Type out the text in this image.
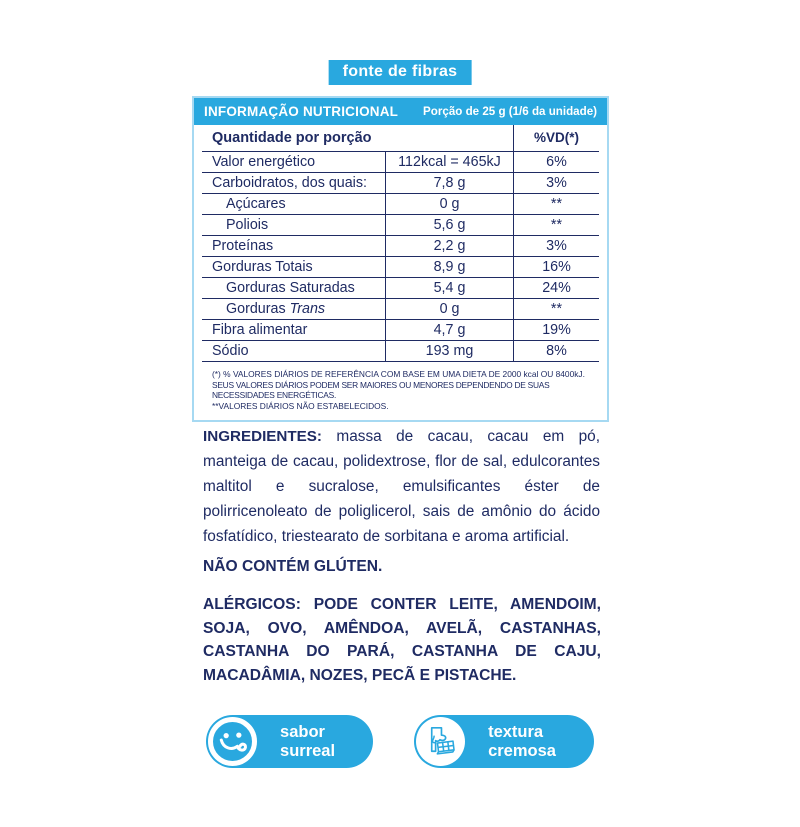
fonte de fibras
INFORMAÇÃO NUTRICIONAL Porção de 25 g (1/6 da unidade)
Quantidade por porção	%VD(*)
Valor energético	112kcal = 465kJ	6%
Carboidratos, dos quais:	7,8 g	3%
Açúcares	0 g	**
Poliois	5,6 g	**
Proteínas	2,2 g	3%
Gorduras Totais	8,9 g	16%
Gorduras Saturadas	5,4 g	24%
Gorduras Trans	0 g	**
Fibra alimentar	4,7 g	19%
Sódio	193 mg	8%
(*) % VALORES DIÁRIOS DE REFERÊNCIA COM BASE EM UMA DIETA DE 2000 kcal OU 8400kJ.
SEUS VALORES DIÁRIOS PODEM SER MAIORES OU MENORES DEPENDENDO DE SUAS NECESSIDADES ENERGÉTICAS.
**VALORES DIÁRIOS NÃO ESTABELECIDOS.

INGREDIENTES: massa de cacau, cacau em pó, manteiga de cacau, polidextrose, flor de sal, edulcorantes maltitol e sucralose, emulsificantes éster de polirricenoleato de poliglicerol, sais de amônio do ácido fosfatídico, triestearato de sorbitana e aroma artificial.

NÃO CONTÉM GLÚTEN.
ALÉRGICOS: PODE CONTER LEITE, AMENDOIM, SOJA, OVO, AMÊNDOA, AVELÃ, CASTANHAS, CASTANHA DO PARÁ, CASTANHA DE CAJU, MACADÂMIA, NOZES, PECÃ E PISTACHE.
sabor
surreal
textura
cremosa
